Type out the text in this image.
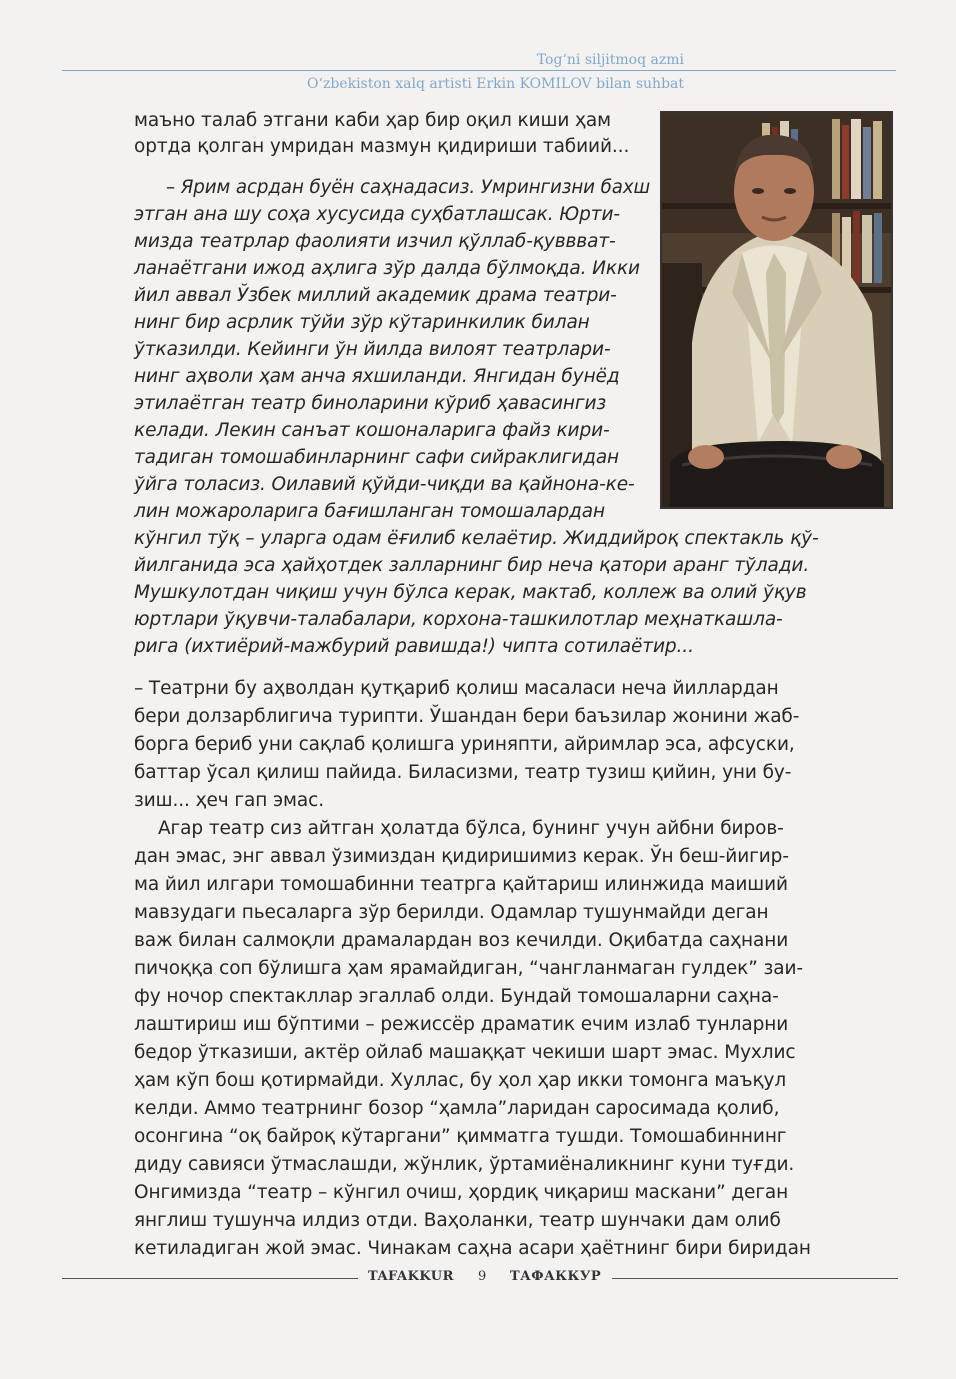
Tog‘ni siljitmoq azmi
O‘zbekiston xalq artisti Erkin KOMILOV bilan suhbat
маъно талаб этгани каби ҳар бир оқил киши ҳам
ортда қолган умридан мазмун қидириши табиий...
– Ярим асрдан буён саҳнадасиз. Умрингизни бахш
этган ана шу соҳа хусусида суҳбатлашсак. Юрти-
мизда театрлар фаолияти изчил қўллаб-қуввват-
ланаётгани ижод аҳлига зўр далда бўлмоқда. Икки
йил аввал Ўзбек миллий академик драма театри-
нинг бир асрлик тўйи зўр кўтаринкилик билан
ўтказилди. Кейинги ўн йилда вилоят театрлари-
нинг аҳволи ҳам анча яхшиланди. Янгидан бунёд
этилаётган театр биноларини кўриб ҳавасингиз
келади. Лекин санъат кошоналарига файз кири-
тадиган томошабинларнинг сафи сийраклигидан
ўйга толасиз. Оилавий қўйди-чиқди ва қайнона-ке-
лин можароларига бағишланган томошалардан
кўнгил тўқ – уларга одам ёғилиб келаётир. Жиддийроқ спектакль қў-
йилганида эса ҳайҳотдек залларнинг бир неча қатори аранг тўлади.
Мушкулотдан чиқиш учун бўлса керак, мактаб, коллеж ва олий ўқув
юртлари ўқувчи-талабалари, корхона-ташкилотлар меҳнаткашла-
рига (ихтиёрий-мажбурий равишда!) чипта сотилаётир...
– Театрни бу аҳволдан қутқариб қолиш масаласи неча йиллардан
бери долзарблигича турипти. Ўшандан бери баъзилар жонини жаб-
борга бериб уни сақлаб қолишга уриняпти, айримлар эса, афсуски,
баттар ўсал қилиш пайида. Биласизми, театр тузиш қийин, уни бу-
зиш... ҳеч гап эмас.
Агар театр сиз айтган ҳолатда бўлса, бунинг учун айбни биров-
дан эмас, энг аввал ўзимиздан қидиришимиз керак. Ўн беш-йигир-
ма йил илгари томошабинни театрга қайтариш илинжида маиший
мавзудаги пьесаларга зўр берилди. Одамлар тушунмайди деган
важ билан салмоқли драмалардан воз кечилди. Оқибатда саҳнани
пичоққа соп бўлишга ҳам ярамайдиган, “чангланмаган гулдек” заи-
фу ночор спектакллар эгаллаб олди. Бундай томошаларни саҳна-
лаштириш иш бўптими – режиссёр драматик ечим излаб тунларни
бедор ўтказиши, актёр ойлаб машаққат чекиши шарт эмас. Мухлис
ҳам кўп бош қотирмайди. Хуллас, бу ҳол ҳар икки томонга маъқул
келди. Аммо театрнинг бозор “ҳамла”ларидан саросимада қолиб,
осонгина “оқ байроқ кўтаргани” қимматга тушди. Томошабиннинг
диду савияси ўтмаслашди, жўнлик, ўртамиёналикнинг куни туғди.
Онгимизда “театр – кўнгил очиш, ҳордиқ чиқариш маскани” деган
янглиш тушунча илдиз отди. Ваҳоланки, театр шунчаки дам олиб
кетиладиган жой эмас. Чинакам саҳна асари ҳаётнинг бири биридан
TAFAKKUR 9 ТАФАККУР
